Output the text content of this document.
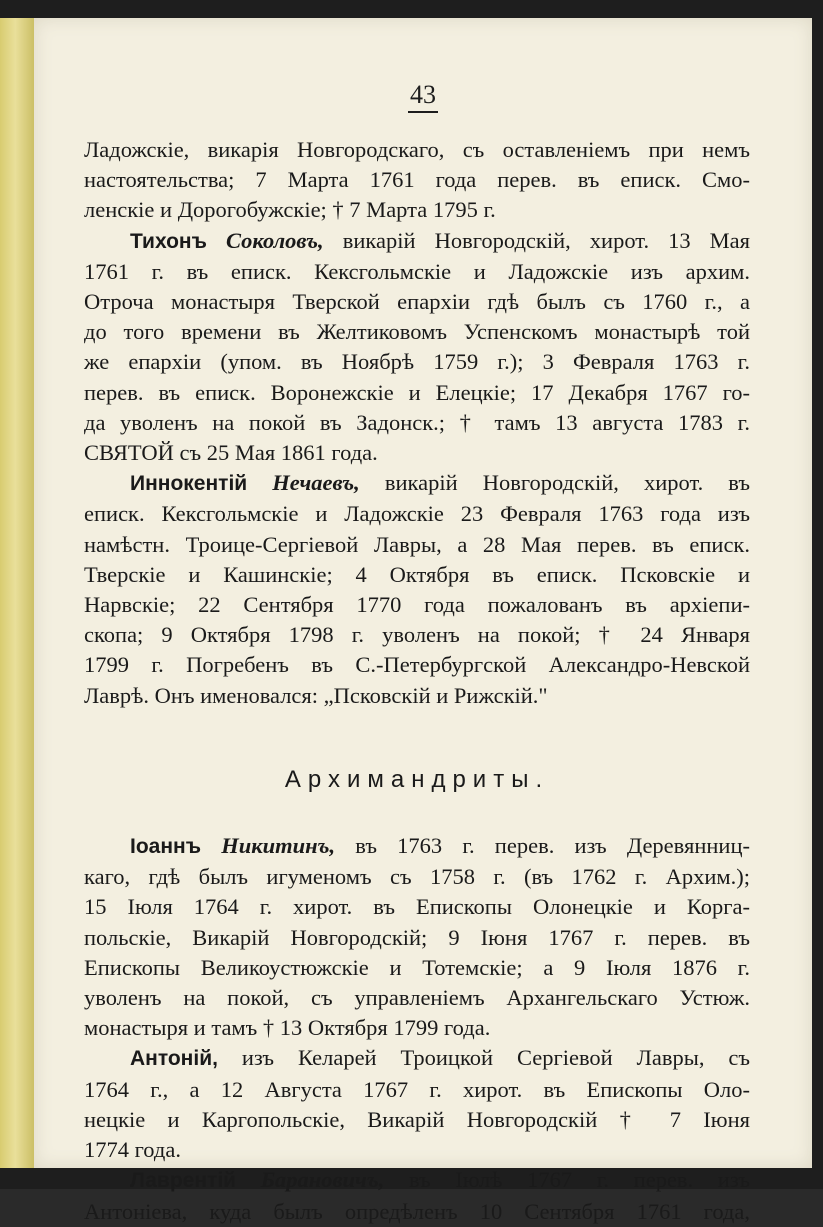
43
Ладожскіе, викарія Новгородскаго, съ оставленіемъ при немъ
настоятельства; 7 Марта 1761 года перев. въ еписк. Смо-
ленскіе и Дорогобужскіе; † 7 Марта 1795 г.
Тихонъ Соколовъ, викарій Новгородскій, хирот. 13 Мая
1761 г. въ еписк. Кексгольмскіе и Ладожскіе изъ архим.
Отроча монастыря Тверской епархіи гдѣ былъ съ 1760 г., а
до того времени въ Желтиковомъ Успенскомъ монастырѣ той
же епархіи (упом. въ Ноябрѣ 1759 г.); 3 Февраля 1763 г.
перев. въ еписк. Воронежскіе и Елецкіе; 17 Декабря 1767 го-
да уволенъ на покой въ Задонск.; † тамъ 13 августа 1783 г.
СВЯТОЙ съ 25 Мая 1861 года.
Иннокентій Нечаевъ, викарій Новгородскій, хирот. въ
еписк. Кексгольмскіе и Ладожскіе 23 Февраля 1763 года изъ
намѣстн. Троице-Сергіевой Лавры, а 28 Мая перев. въ еписк.
Тверскіе и Кашинскіе; 4 Октября въ еписк. Псковскіе и
Нарвскіе; 22 Сентября 1770 года пожалованъ въ архіепи-
скопа; 9 Октября 1798 г. уволенъ на покой; † 24 Января
1799 г. Погребенъ въ С.-Петербургской Александро-Невской
Лаврѣ. Онъ именовался: „Псковскій и Рижскій."
Архимандриты.
Іоаннъ Никитинъ, въ 1763 г. перев. изъ Деревянниц-
каго, гдѣ былъ игуменомъ съ 1758 г. (въ 1762 г. Архим.);
15 Іюля 1764 г. хирот. въ Епископы Олонецкіе и Корга-
польскіе, Викарій Новгородскій; 9 Іюня 1767 г. перев. въ
Епископы Великоустюжскіе и Тотемскіе; а 9 Іюля 1876 г.
уволенъ на покой, съ управленіемъ Архангельскаго Устюж.
монастыря и тамъ † 13 Октября 1799 года.
Антоній, изъ Келарей Троицкой Сергіевой Лавры, съ
1764 г., а 12 Августа 1767 г. хирот. въ Епископы Оло-
нецкіе и Каргопольскіе, Викарій Новгородскій † 7 Іюня
1774 года.
Лаврентій Барановичъ, въ Іюлѣ 1767 г. перев. изъ
Антоніева, куда былъ опредѣленъ 10 Сентября 1761 года,
